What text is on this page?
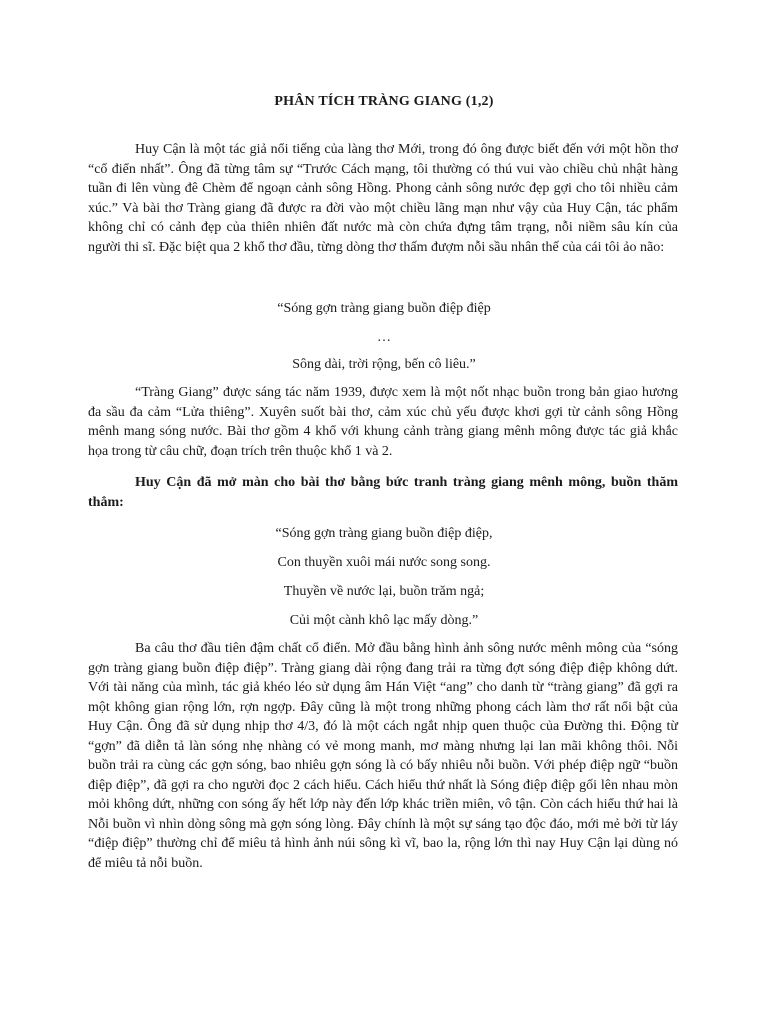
PHÂN TÍCH TRÀNG GIANG (1,2)

Huy Cận là một tác giả nổi tiếng của làng thơ Mới, trong đó ông được biết đến với một hồn thơ “cổ điển nhất”. Ông đã từng tâm sự “Trước Cách mạng, tôi thường có thú vui vào chiều chủ nhật hàng tuần đi lên vùng đê Chèm để ngoạn cảnh sông Hồng. Phong cảnh sông nước đẹp gợi cho tôi nhiều cảm xúc.” Và bài thơ Tràng giang đã được ra đời vào một chiều lãng mạn như vậy của Huy Cận, tác phẩm không chỉ có cảnh đẹp của thiên nhiên đất nước mà còn chứa đựng tâm trạng, nỗi niềm sâu kín của người thi sĩ. Đặc biệt qua 2 khổ thơ đầu, từng dòng thơ thấm đượm nỗi sầu nhân thế của cái tôi ảo não:

“Sóng gợn tràng giang buồn điệp điệp
…
Sông dài, trời rộng, bến cô liêu.”

“Tràng Giang” được sáng tác năm 1939, được xem là một nốt nhạc buồn trong bản giao hương đa sầu đa cảm “Lửa thiêng”. Xuyên suốt bài thơ, cảm xúc chủ yếu được khơi gợi từ cảnh sông Hồng mênh mang sóng nước. Bài thơ gồm 4 khổ với khung cảnh tràng giang mênh mông được tác giả khắc họa trong từ câu chữ, đoạn trích trên thuộc khổ 1 và 2.

Huy Cận đã mở màn cho bài thơ bằng bức tranh tràng giang mênh mông, buồn thăm thẳm:

“Sóng gợn tràng giang buồn điệp điệp,
Con thuyền xuôi mái nước song song.
Thuyền về nước lại, buồn trăm ngả;
Củi một cành khô lạc mấy dòng.”

Ba câu thơ đầu tiên đậm chất cổ điển. Mở đầu bằng hình ảnh sông nước mênh mông của “sóng gợn tràng giang buồn điệp điệp”. Tràng giang dài rộng đang trải ra từng đợt sóng điệp điệp không dứt. Với tài năng của mình, tác giả khéo léo sử dụng âm Hán Việt “ang” cho danh từ “tràng giang” đã gợi ra một không gian rộng lớn, rợn ngợp. Đây cũng là một trong những phong cách làm thơ rất nổi bật của Huy Cận. Ông đã sử dụng nhịp thơ 4/3, đó là một cách ngắt nhịp quen thuộc của Đường thi. Động từ “gợn” đã diễn tả làn sóng nhẹ nhàng có vẻ mong manh, mơ màng nhưng lại lan mãi không thôi. Nỗi buồn trải ra cùng các gợn sóng, bao nhiêu gợn sóng là có bấy nhiêu nỗi buồn. Với phép điệp ngữ “buồn điệp điệp”, đã gợi ra cho người đọc 2 cách hiểu. Cách hiểu thứ nhất là Sóng điệp điệp gối lên nhau mòn mỏi không dứt, những con sóng ấy hết lớp này đến lớp khác triền miên, vô tận. Còn cách hiểu thứ hai là Nỗi buồn vì nhìn dòng sông mà gợn sóng lòng. Đây chính là một sự sáng tạo độc đáo, mới mẻ bởi từ láy “điệp điệp” thường chỉ để miêu tả hình ảnh núi sông kì vĩ, bao la, rộng lớn thì nay Huy Cận lại dùng nó để miêu tả nỗi buồn.
